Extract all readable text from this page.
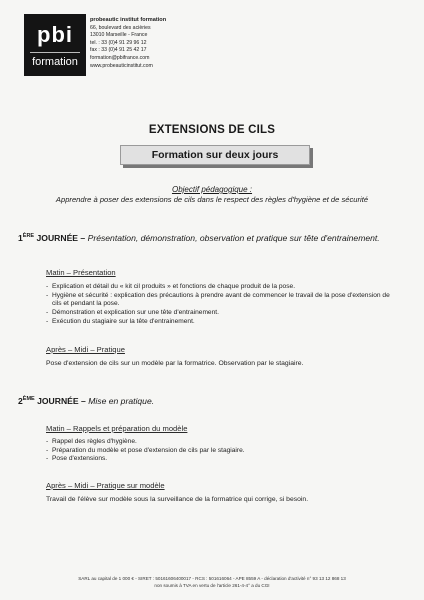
pbi
formation
probeautic institut formation
66, boulevard des acièries
13010 Marseille - France
tel. : 33 (0)4 91 29 96 12
fax : 33 (0)4 91 25 42 17
formation@pbifrance.com
www.probeauticinstitut.com
EXTENSIONS DE CILS
Formation sur deux jours
Objectif pédagogique :
Apprendre à poser des extensions de cils dans le respect des règles d'hygiène et de sécurité
1ÈRE JOURNÉE – Présentation, démonstration, observation et pratique sur tête d'entrainement.
Matin – Présentation
- Explication et détail du « kit cil produits » et fonctions de chaque produit de la pose.
- Hygiène et sécurité : explication des précautions à prendre avant de commencer le travail de la pose d'extension de cils et pendant la pose.
- Démonstration et explication sur une tête d'entrainement.
- Exécution du stagiaire sur la tête d'entrainement.
Après – Midi – Pratique
Pose d'extension de cils sur un modèle par la formatrice. Observation par le stagiaire.
2ÈME JOURNÉE – Mise en pratique.
Matin – Rappels et préparation du modèle
- Rappel des règles d'hygiène.
- Préparation du modèle et pose d'extension de cils par le stagiaire.
- Pose d'extensions.
Après – Midi – Pratique sur modèle
Travail de l'élève sur modèle sous la surveillance de la formatrice qui corrige, si besoin.
SARL au capital de 1 000 € - SIRET : 50161606400017 - RCS : 501616064 - APE 8559 A - déclaration d'activité n° 93 13 12 868 13
non soumis à TVA en vertu de l'article 261-4-4° a du CGI
